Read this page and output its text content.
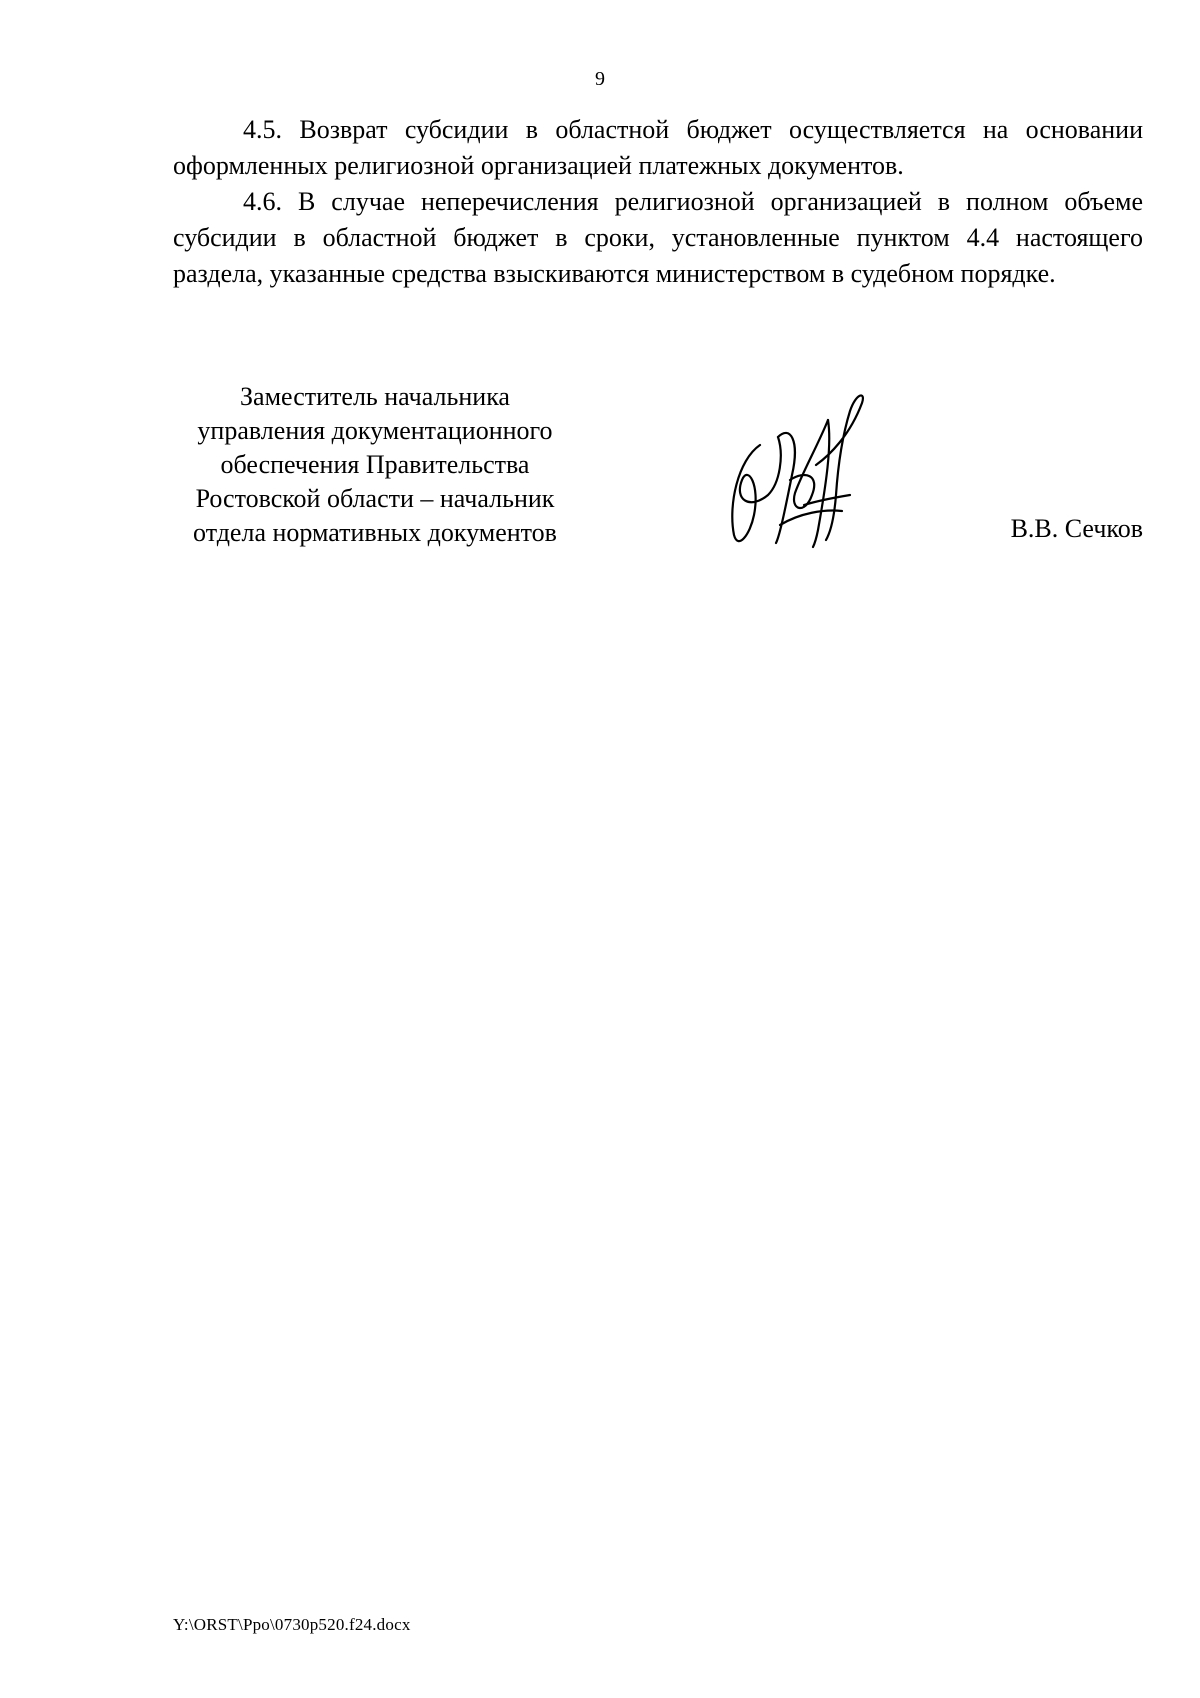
9

4.5. Возврат субсидии в областной бюджет осуществляется на основании оформленных религиозной организацией платежных документов.

4.6. В случае неперечисления религиозной организацией в полном объеме субсидии в областной бюджет в сроки, установленные пунктом 4.4 настоящего раздела, указанные средства взыскиваются министерством в судебном порядке.

Заместитель начальника
управления документационного
обеспечения Правительства
Ростовской области – начальник
отдела нормативных документов	В.В. Сечков
Y:\ORST\Ppo\0730p520.f24.docx
